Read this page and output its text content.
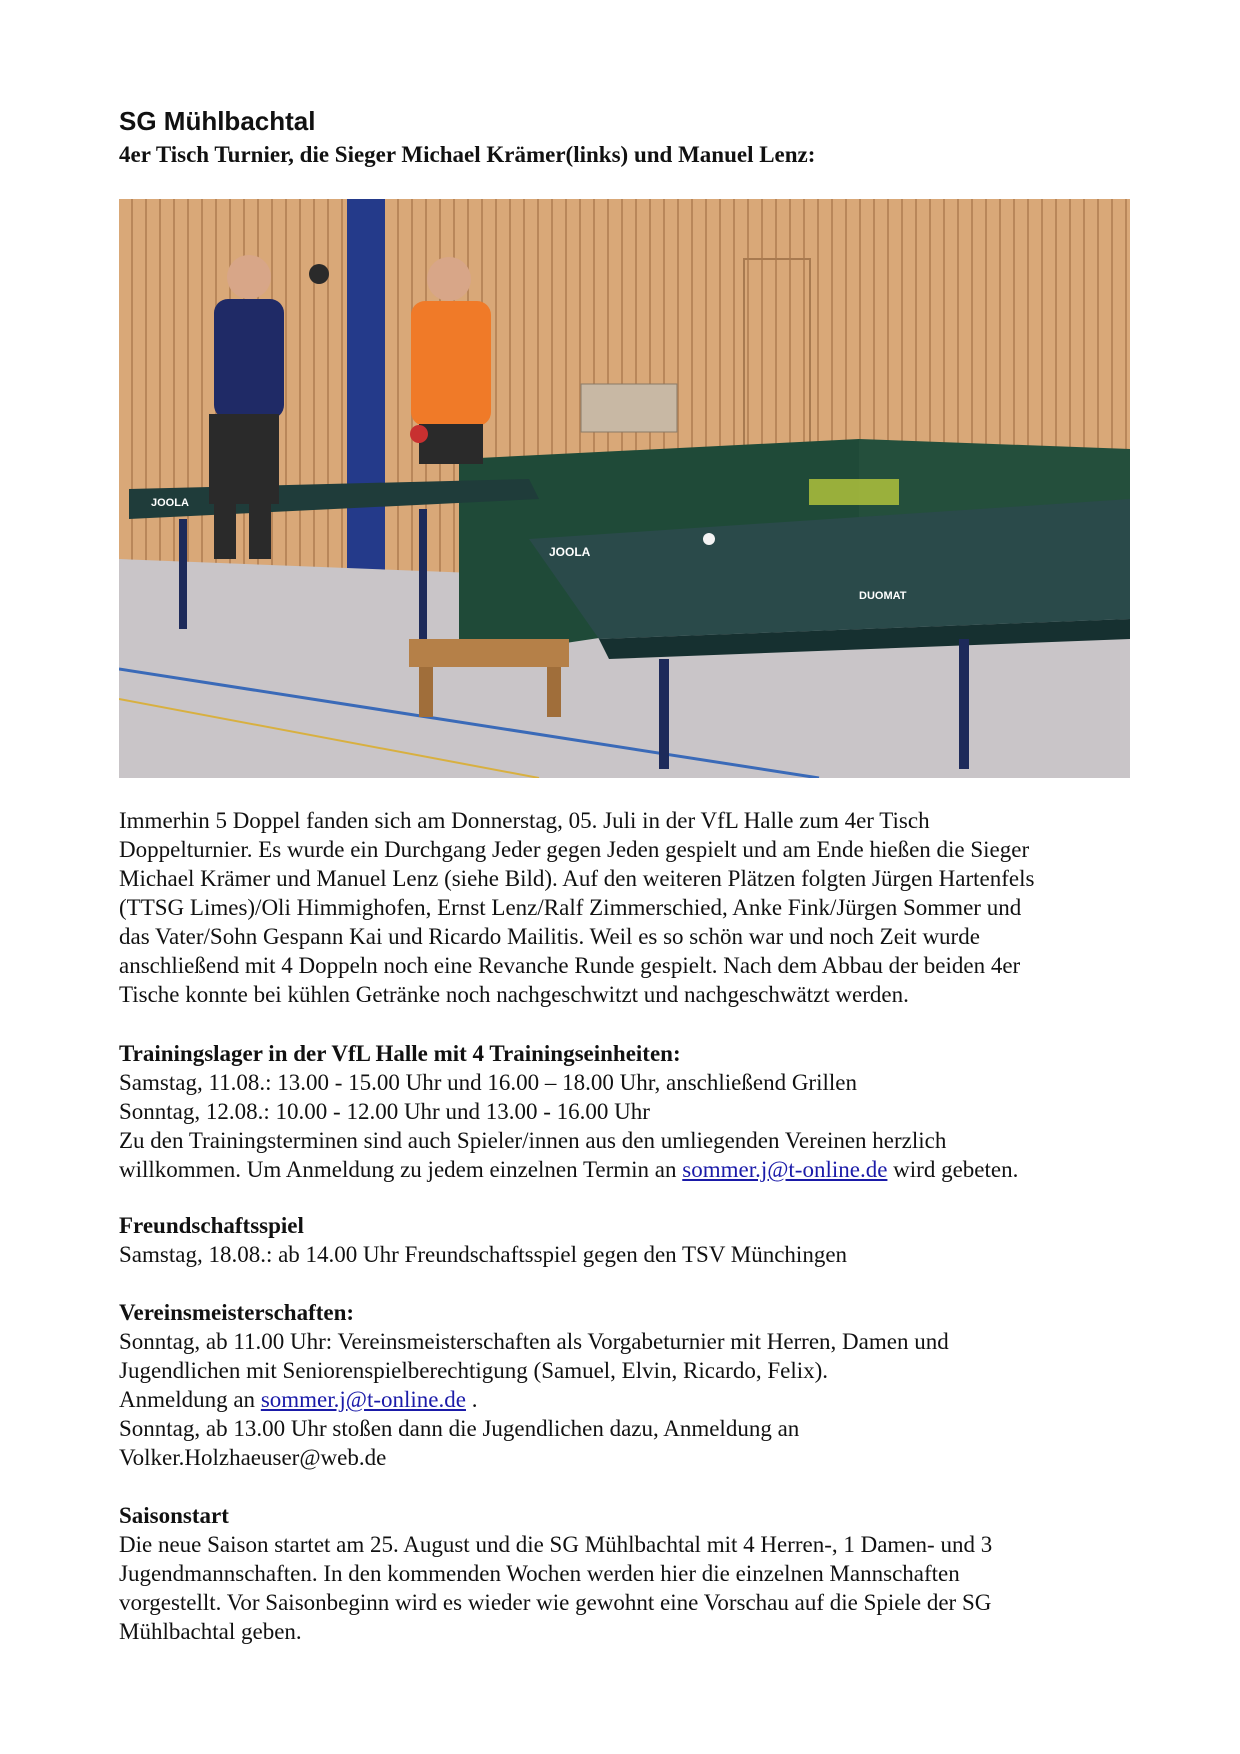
SG Mühlbachtal
4er Tisch Turnier, die Sieger Michael Krämer(links) und Manuel Lenz:
JOOLA
JOOLA
DUOMAT

Immerhin 5 Doppel fanden sich am Donnerstag, 05. Juli in der VfL Halle zum 4er Tisch

Doppelturnier. Es wurde ein Durchgang Jeder gegen Jeden gespielt und am Ende hießen die Sieger

Michael Krämer und Manuel Lenz (siehe Bild). Auf den weiteren Plätzen folgten Jürgen Hartenfels

(TTSG Limes)/Oli Himmighofen, Ernst Lenz/Ralf Zimmerschied, Anke Fink/Jürgen Sommer und

das Vater/Sohn Gespann Kai und Ricardo Mailitis. Weil es so schön war und noch Zeit wurde

anschließend mit 4 Doppeln noch eine Revanche Runde gespielt. Nach dem Abbau der beiden 4er

Tische konnte bei kühlen Getränke noch nachgeschwitzt und nachgeschwätzt werden.

Trainingslager in der VfL Halle mit 4 Trainingseinheiten:

Samstag, 11.08.: 13.00 - 15.00 Uhr und 16.00 – 18.00 Uhr, anschließend Grillen

Sonntag, 12.08.: 10.00 - 12.00 Uhr und 13.00 - 16.00 Uhr

Zu den Trainingsterminen sind auch Spieler/innen aus den umliegenden Vereinen herzlich

willkommen. Um Anmeldung zu jedem einzelnen Termin an sommer.j@t-online.de wird gebeten.

Freundschaftsspiel

Samstag, 18.08.: ab 14.00 Uhr Freundschaftsspiel gegen den TSV Münchingen

Vereinsmeisterschaften:

Sonntag, ab 11.00 Uhr: Vereinsmeisterschaften als Vorgabeturnier mit Herren, Damen und

Jugendlichen mit Seniorenspielberechtigung (Samuel, Elvin, Ricardo, Felix).

Anmeldung an sommer.j@t-online.de .

Sonntag, ab 13.00 Uhr stoßen dann die Jugendlichen dazu, Anmeldung an

Volker.Holzhaeuser@web.de

Saisonstart

Die neue Saison startet am 25. August und die SG Mühlbachtal mit 4 Herren-, 1 Damen- und 3

Jugendmannschaften. In den kommenden Wochen werden hier die einzelnen Mannschaften

vorgestellt. Vor Saisonbeginn wird es wieder wie gewohnt eine Vorschau auf die Spiele der SG

Mühlbachtal geben.
